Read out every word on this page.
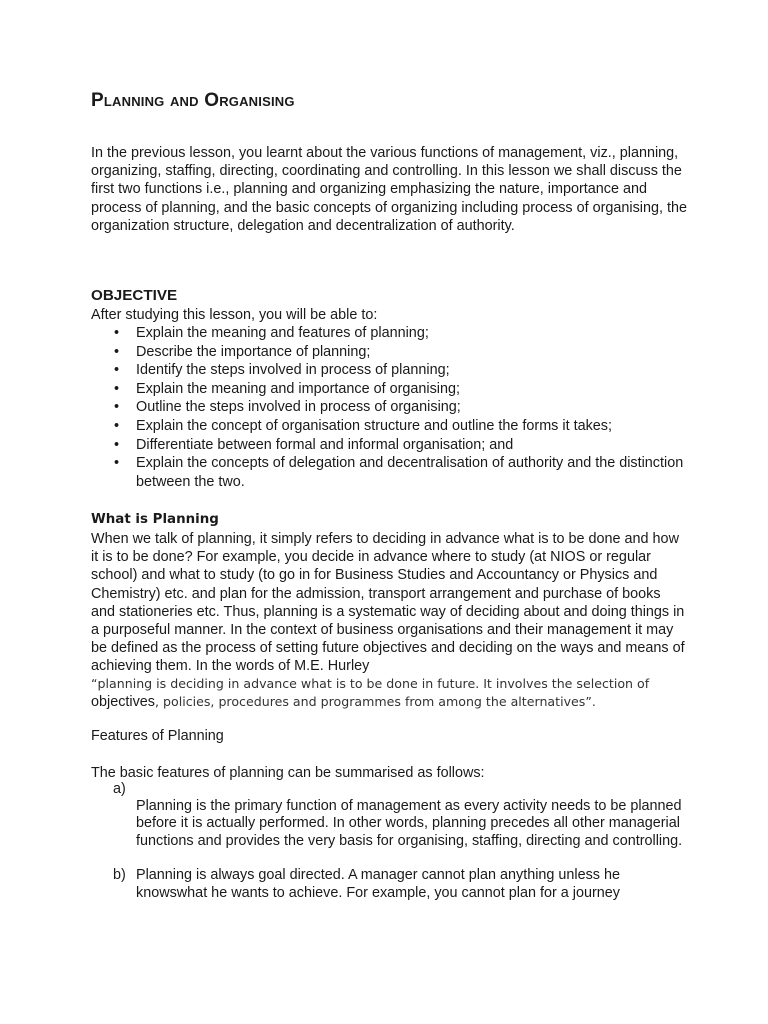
Planning and Organising

In the previous lesson, you learnt about the various functions of management, viz., planning, organizing, staffing, directing, coordinating and controlling. In this lesson we shall discuss the first two functions i.e., planning and organizing emphasizing the nature, importance and process of planning, and the basic concepts of organizing including process of organising, the organization structure, delegation and decentralization of authority.

OBJECTIVE
After studying this lesson, you will be able to:
• Explain the meaning and features of planning;
• Describe the importance of planning;
• Identify the steps involved in process of planning;
• Explain the meaning and importance of organising;
• Outline the steps involved in process of organising;
• Explain the concept of organisation structure and outline the forms it takes;
• Differentiate between formal and informal organisation; and
• Explain the concepts of delegation and decentralisation of authority and the distinction between the two.
What is Planning

When we talk of planning, it simply refers to deciding in advance what is to be done and how it is to be done? For example, you decide in advance where to study (at NIOS or regular school) and what to study (to go in for Business Studies and Accountancy or Physics and Chemistry) etc. and plan for the admission, transport arrangement and purchase of books and stationeries etc. Thus, planning is a systematic way of deciding about and doing things in a purposeful manner. In the context of business organisations and their management it may be defined as the process of setting future objectives and deciding on the ways and means of achieving them. In the words of M.E. Hurley

“planning is deciding in advance what is to be done in future. It involves the selection of
objectives, policies, procedures and programmes from among the alternatives”.
Features of Planning
The basic features of planning can be summarised as follows:
a)
Planning is the primary function of management as every activity needs to be planned before it is actually performed. In other words, planning precedes all other managerial functions and provides the very basis for organising, staffing, directing and controlling.
b) Planning is always goal directed. A manager cannot plan anything unless he knowswhat he wants to achieve. For example, you cannot plan for a journey
